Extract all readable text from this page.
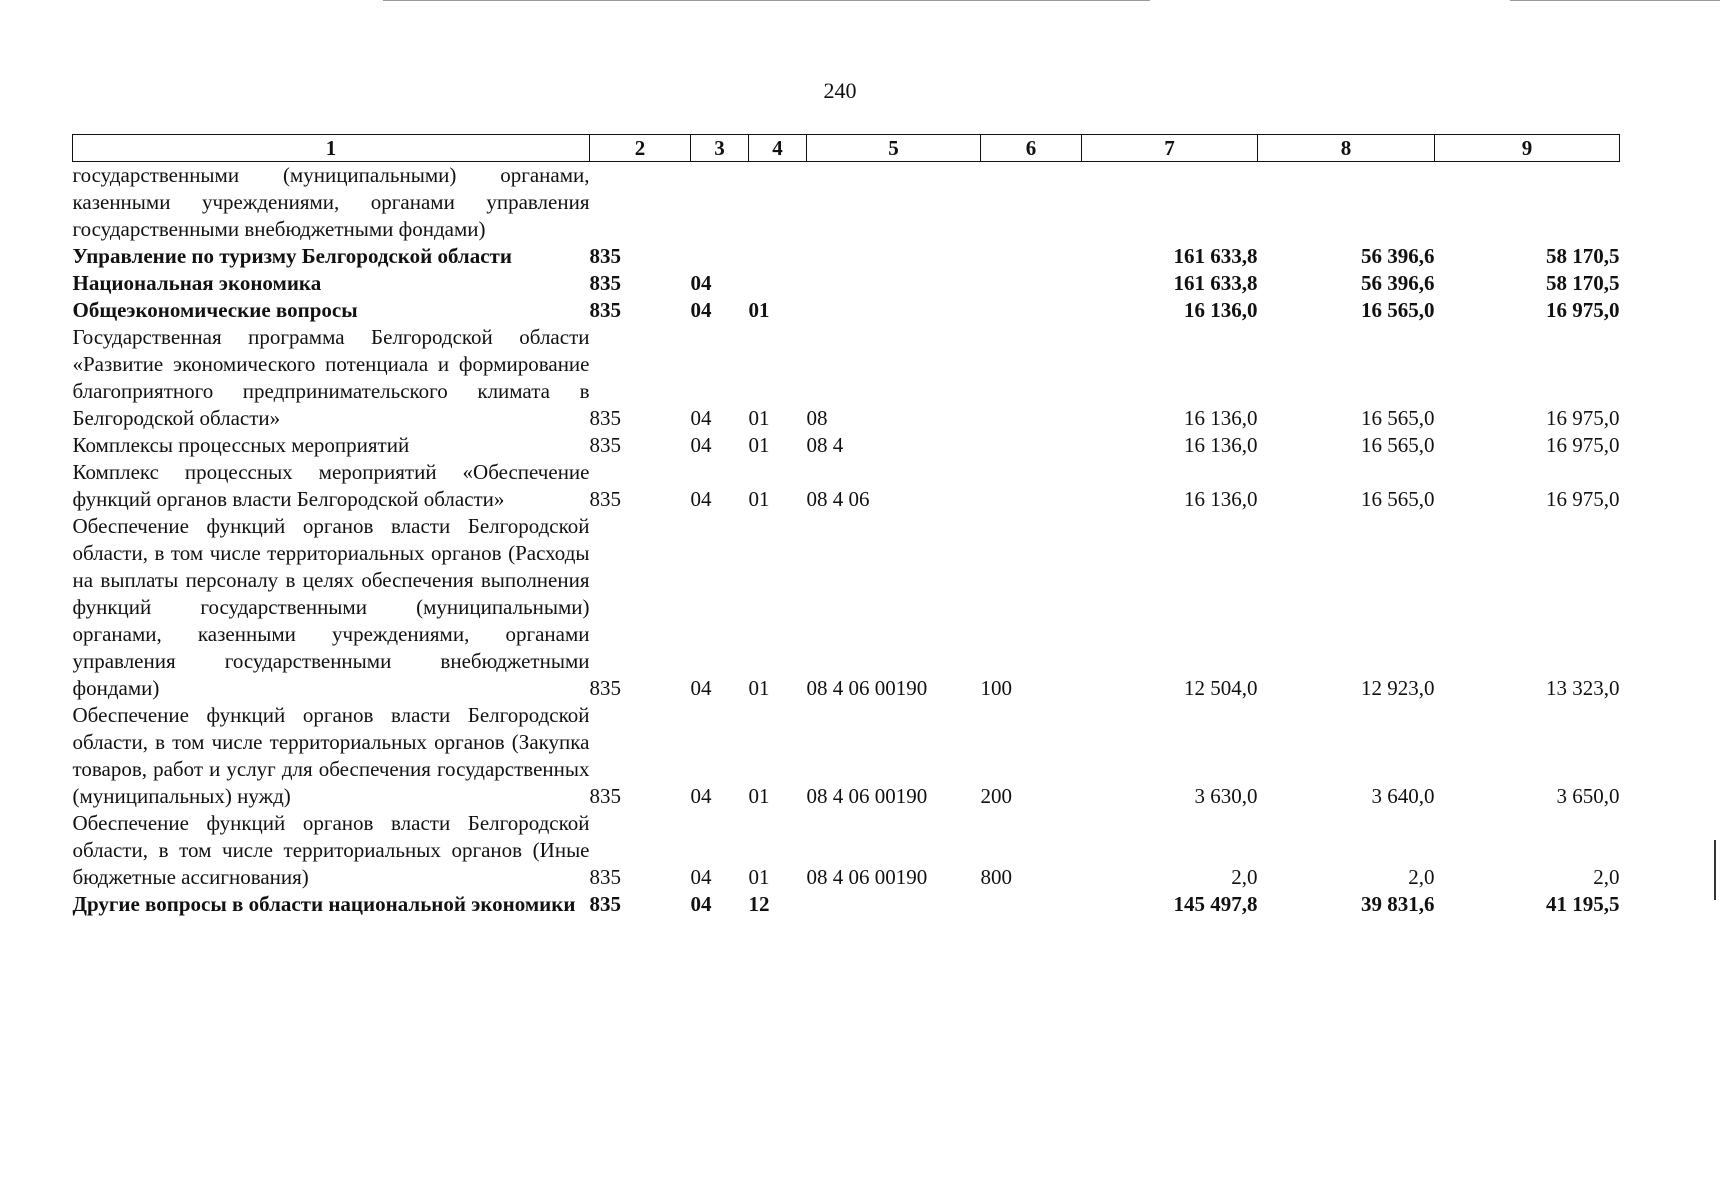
240
1	2	3	4	5	6	7	8	9
государственными (муниципальными) органами, казенными учреждениями, органами управления государственными внебюджетными фондами)								
Управление по туризму Белгородской области	835					161 633,8	56 396,6	58 170,5
Национальная экономика	835	04				161 633,8	56 396,6	58 170,5
Общеэкономические вопросы	835	04	01			16 136,0	16 565,0	16 975,0
Государственная программа Белгородской области «Развитие экономического потенциала и формирование благоприятного предпринимательского климата в Белгородской области»	835	04	01	08		16 136,0	16 565,0	16 975,0
Комплексы процессных мероприятий	835	04	01	08 4		16 136,0	16 565,0	16 975,0
Комплекс процессных мероприятий «Обеспечение функций органов власти Белгородской области»	835	04	01	08 4 06		16 136,0	16 565,0	16 975,0
Обеспечение функций органов власти Белгородской области, в том числе территориальных органов (Расходы на выплаты персоналу в целях обеспечения выполнения функций государственными (муниципальными) органами, казенными учреждениями, органами управления государственными внебюджетными фондами)	835	04	01	08 4 06 00190	100	12 504,0	12 923,0	13 323,0
Обеспечение функций органов власти Белгородской области, в том числе территориальных органов (Закупка товаров, работ и услуг для обеспечения государственных (муниципальных) нужд)	835	04	01	08 4 06 00190	200	3 630,0	3 640,0	3 650,0
Обеспечение функций органов власти Белгородской области, в том числе территориальных органов (Иные бюджетные ассигнования)	835	04	01	08 4 06 00190	800	2,0	2,0	2,0
Другие вопросы в области национальной экономики	835	04	12			145 497,8	39 831,6	41 195,5
